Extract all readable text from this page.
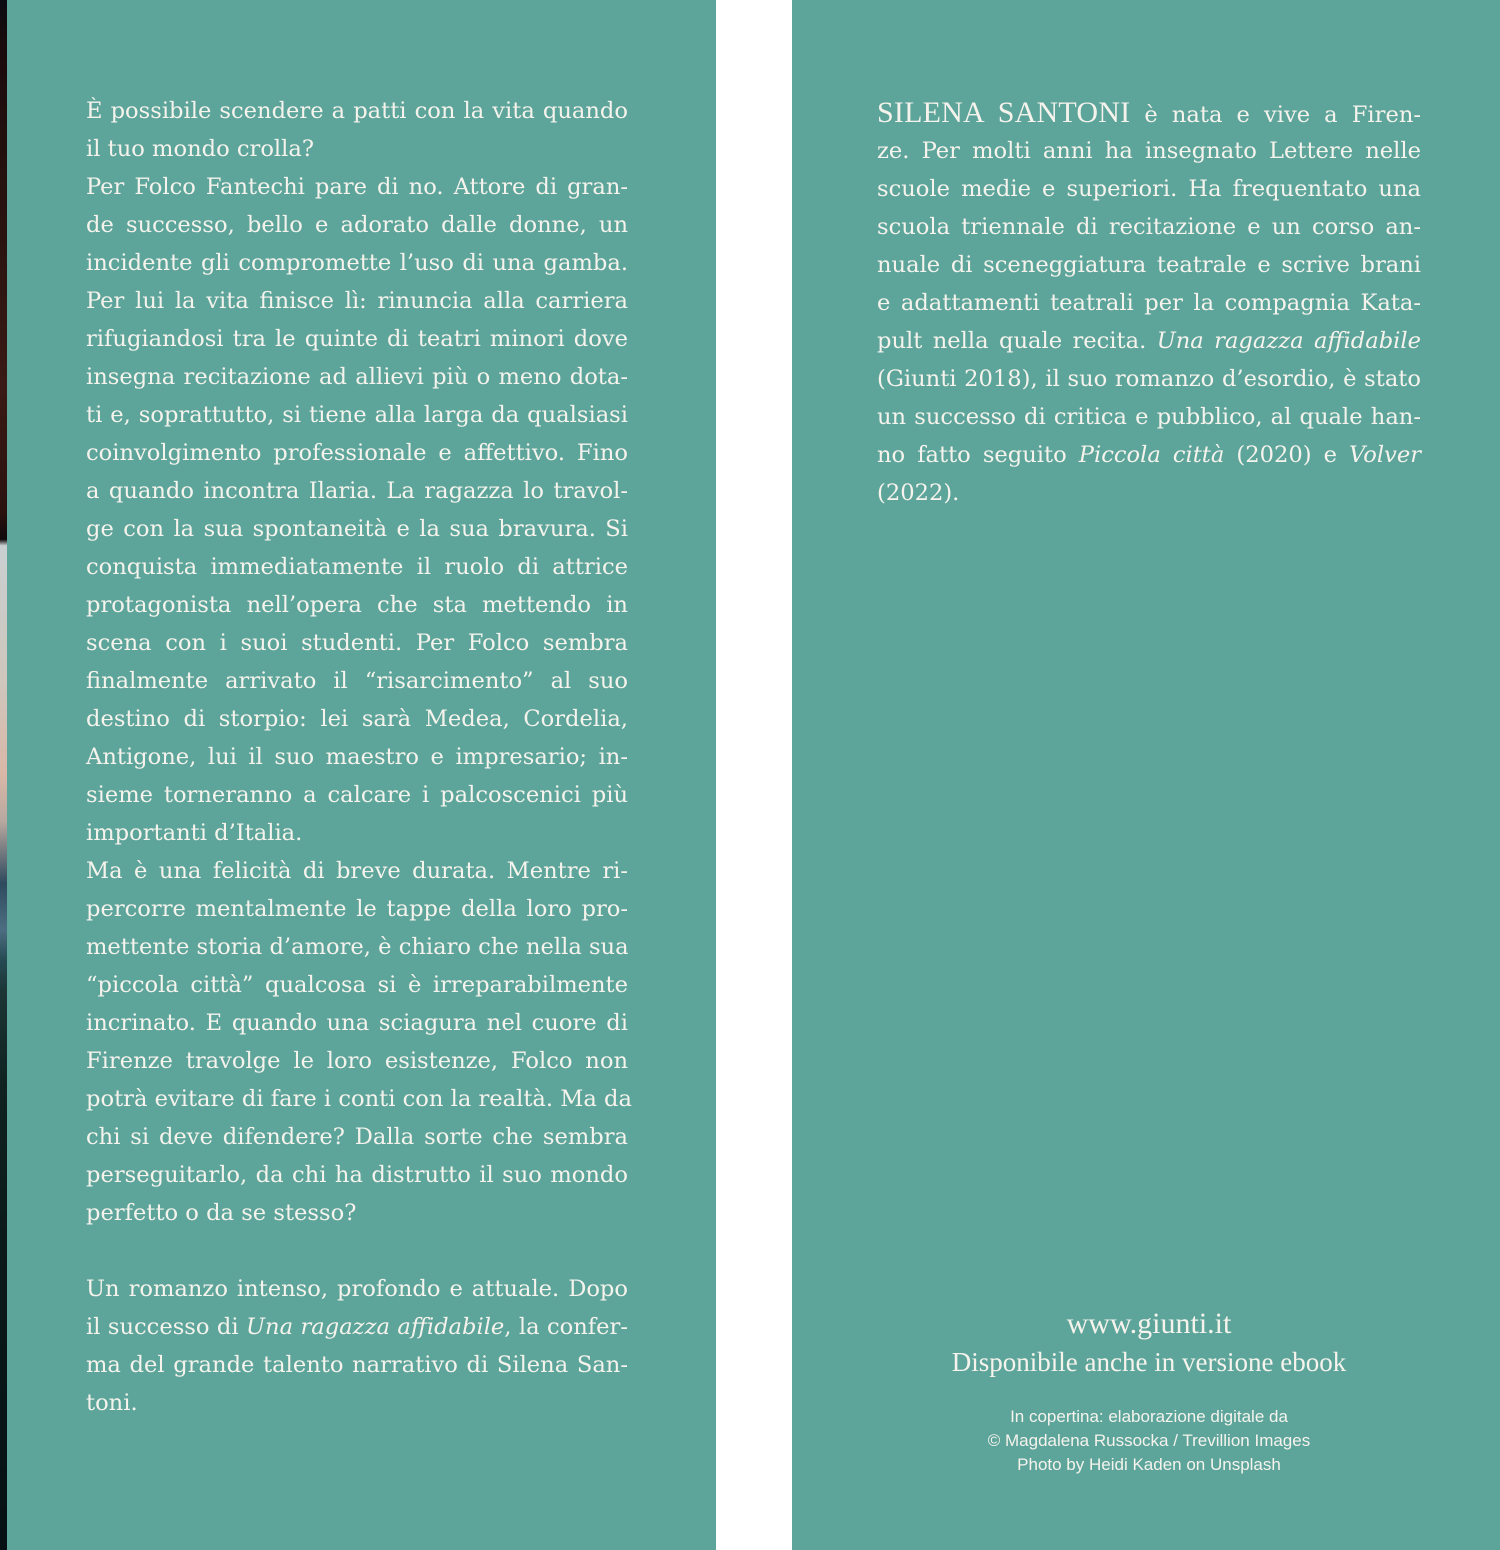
È possibile scendere a patti con la vita quando
il tuo mondo crolla?
Per Folco Fantechi pare di no. Attore di gran-
de successo, bello e adorato dalle donne, un
incidente gli compromette l’uso di una gamba.
Per lui la vita finisce lì: rinuncia alla carriera
rifugiandosi tra le quinte di teatri minori dove
insegna recitazione ad allievi più o meno dota-
ti e, soprattutto, si tiene alla larga da qualsiasi
coinvolgimento professionale e affettivo. Fino
a quando incontra Ilaria. La ragazza lo travol-
ge con la sua spontaneità e la sua bravura. Si
conquista immediatamente il ruolo di attrice
protagonista nell’opera che sta mettendo in
scena con i suoi studenti. Per Folco sembra
finalmente arrivato il “risarcimento” al suo
destino di storpio: lei sarà Medea, Cordelia,
Antigone, lui il suo maestro e impresario; in-
sieme torneranno a calcare i palcoscenici più
importanti d’Italia.
Ma è una felicità di breve durata. Mentre ri-
percorre mentalmente le tappe della loro pro-
mettente storia d’amore, è chiaro che nella sua
“piccola città” qualcosa si è irreparabilmente
incrinato. E quando una sciagura nel cuore di
Firenze travolge le loro esistenze, Folco non
potrà evitare di fare i conti con la realtà. Ma da
chi si deve difendere? Dalla sorte che sembra
perseguitarlo, da chi ha distrutto il suo mondo
perfetto o da se stesso?
Un romanzo intenso, profondo e attuale. Dopo
il successo di Una ragazza affidabile, la confer-
ma del grande talento narrativo di Silena San-
toni.
SILENA SANTONI è nata e vive a Firen-
ze. Per molti anni ha insegnato Lettere nelle
scuole medie e superiori. Ha frequentato una
scuola triennale di recitazione e un corso an-
nuale di sceneggiatura teatrale e scrive brani
e adattamenti teatrali per la compagnia Kata-
pult nella quale recita. Una ragazza affidabile
(Giunti 2018), il suo romanzo d’esordio, è stato
un successo di critica e pubblico, al quale han-
no fatto seguito Piccola città (2020) e Volver
(2022).
www.giunti.it
Disponibile anche in versione ebook
In copertina: elaborazione digitale da
© Magdalena Russocka / Trevillion Images
Photo by Heidi Kaden on Unsplash
